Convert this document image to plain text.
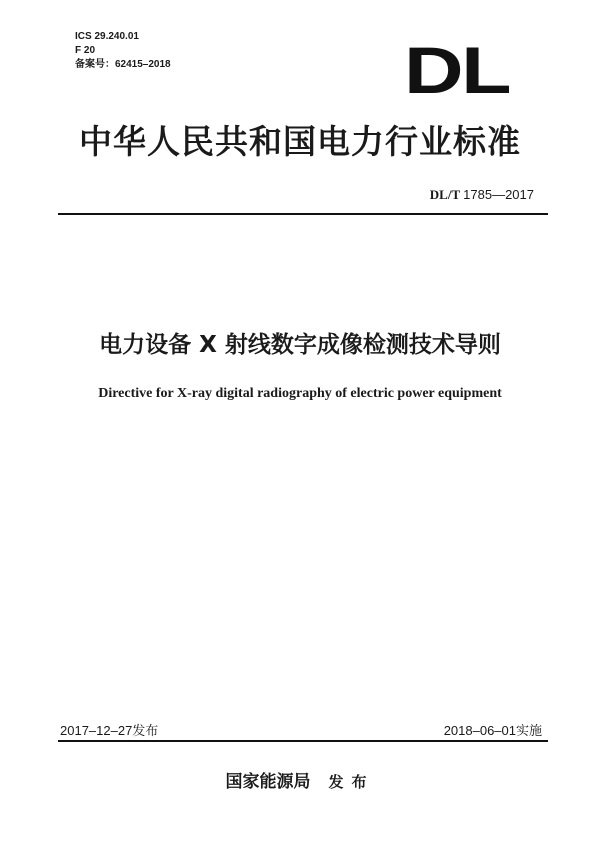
ICS 29.240.01
F 20
备案号：62415–2018	DL
中华人民共和国电力行业标准
DL/T 1785—2017
电力设备 X 射线数字成像检测技术导则
Directive for X-ray digital radiography of electric power equipment
2017–12–27发布	2018–06–01实施
国家能源局 发布
